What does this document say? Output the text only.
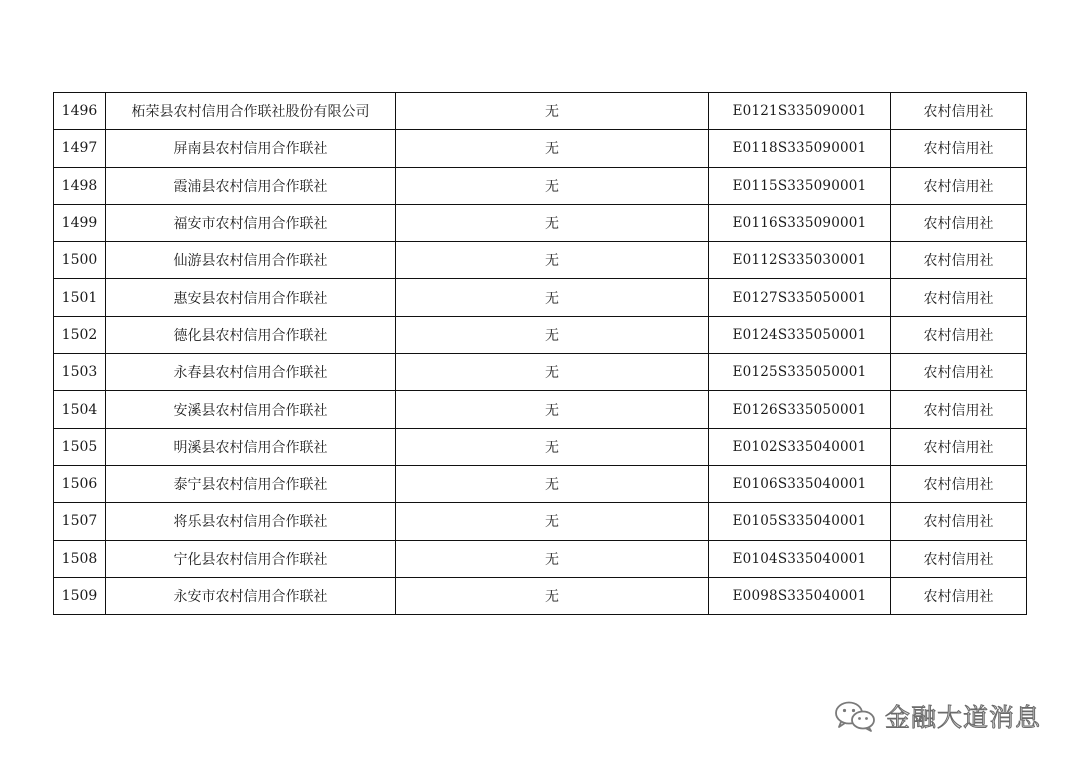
1496	柘荣县农村信用合作联社股份有限公司	无	E0121S335090001	农村信用社
1497	屏南县农村信用合作联社	无	E0118S335090001	农村信用社
1498	霞浦县农村信用合作联社	无	E0115S335090001	农村信用社
1499	福安市农村信用合作联社	无	E0116S335090001	农村信用社
1500	仙游县农村信用合作联社	无	E0112S335030001	农村信用社
1501	惠安县农村信用合作联社	无	E0127S335050001	农村信用社
1502	德化县农村信用合作联社	无	E0124S335050001	农村信用社
1503	永春县农村信用合作联社	无	E0125S335050001	农村信用社
1504	安溪县农村信用合作联社	无	E0126S335050001	农村信用社
1505	明溪县农村信用合作联社	无	E0102S335040001	农村信用社
1506	泰宁县农村信用合作联社	无	E0106S335040001	农村信用社
1507	将乐县农村信用合作联社	无	E0105S335040001	农村信用社
1508	宁化县农村信用合作联社	无	E0104S335040001	农村信用社
1509	永安市农村信用合作联社	无	E0098S335040001	农村信用社
金融大道消息
